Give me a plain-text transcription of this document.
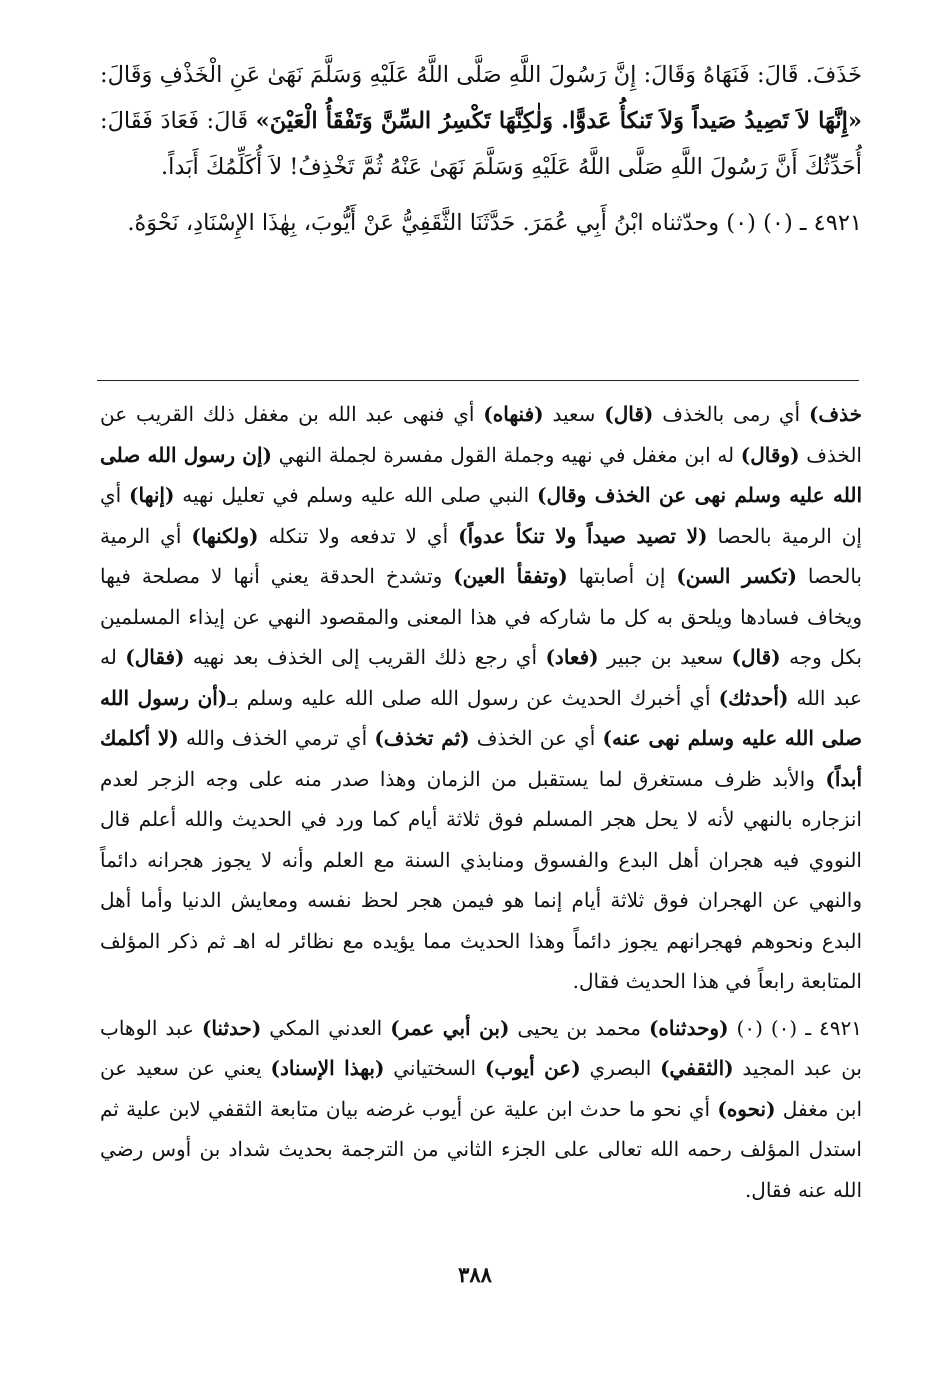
خَذَفَ. قَالَ: فَنَهَاهُ وَقَالَ: إِنَّ رَسُولَ اللَّهِ صَلَّى اللَّهُ عَلَيْهِ وَسَلَّمَ نَهَىٰ عَنِ الْخَذْفِ وَقَالَ: «إِنَّهَا لاَ تَصِيدُ صَيداً وَلاَ تَنكأُ عَدوًّا. وَلٰكِنَّهَا تَكْسِرُ السِّنَّ وَتَفْقَأُ الْعَيْنَ» قَالَ: فَعَادَ فَقَالَ: أُحَدِّثُكَ أَنَّ رَسُولَ اللَّهِ صَلَّى اللَّهُ عَلَيْهِ وَسَلَّمَ نَهَىٰ عَنْهُ ثُمَّ تَخْذِفُ! لاَ أُكَلِّمُكَ أَبَداً.

٤٩٢١ ـ (٠) (٠) وحدّثناه ابْنُ أَبِي عُمَرَ. حَدَّثَنَا الثَّقَفِيُّ عَنْ أَيُّوبَ، بِهٰذَا الإِسْنَادِ، نَحْوَهُ.

خذف) أي رمى بالخذف (قال) سعيد (فنهاه) أي فنهى عبد الله بن مغفل ذلك القريب عن الخذف (وقال) له ابن مغفل في نهيه وجملة القول مفسرة لجملة النهي (إن رسول الله صلى الله عليه وسلم نهى عن الخذف وقال) النبي صلى الله عليه وسلم في تعليل نهيه (إنها) أي إن الرمية بالحصا (لا تصيد صيداً ولا تنكأ عدواً) أي لا تدفعه ولا تنكله (ولكنها) أي الرمية بالحصا (تكسر السن) إن أصابتها (وتفقأ العين) وتشدخ الحدقة يعني أنها لا مصلحة فيها ويخاف فسادها ويلحق به كل ما شاركه في هذا المعنى والمقصود النهي عن إيذاء المسلمين بكل وجه (قال) سعيد بن جبير (فعاد) أي رجع ذلك القريب إلى الخذف بعد نهيه (فقال) له عبد الله (أحدثك) أي أخبرك الحديث عن رسول الله صلى الله عليه وسلم بـ(أن رسول الله صلى الله عليه وسلم نهى عنه) أي عن الخذف (ثم تخذف) أي ترمي الخذف والله (لا أكلمك أبداً) والأبد ظرف مستغرق لما يستقبل من الزمان وهذا صدر منه على وجه الزجر لعدم انزجاره بالنهي لأنه لا يحل هجر المسلم فوق ثلاثة أيام كما ورد في الحديث والله أعلم قال النووي فيه هجران أهل البدع والفسوق ومنابذي السنة مع العلم وأنه لا يجوز هجرانه دائماً والنهي عن الهجران فوق ثلاثة أيام إنما هو فيمن هجر لحظ نفسه ومعايش الدنيا وأما أهل البدع ونحوهم فهجرانهم يجوز دائماً وهذا الحديث مما يؤيده مع نظائر له اهـ ثم ذكر المؤلف المتابعة رابعاً في هذا الحديث فقال.

٤٩٢١ ـ (٠) (٠) (وحدثناه) محمد بن يحيى (بن أبي عمر) العدني المكي (حدثنا) عبد الوهاب بن عبد المجيد (الثقفي) البصري (عن أيوب) السختياني (بهذا الإسناد) يعني عن سعيد عن ابن مغفل (نحوه) أي نحو ما حدث ابن علية عن أيوب غرضه بيان متابعة الثقفي لابن علية ثم استدل المؤلف رحمه الله تعالى على الجزء الثاني من الترجمة بحديث شداد بن أوس رضي الله عنه فقال.

٣٨٨
